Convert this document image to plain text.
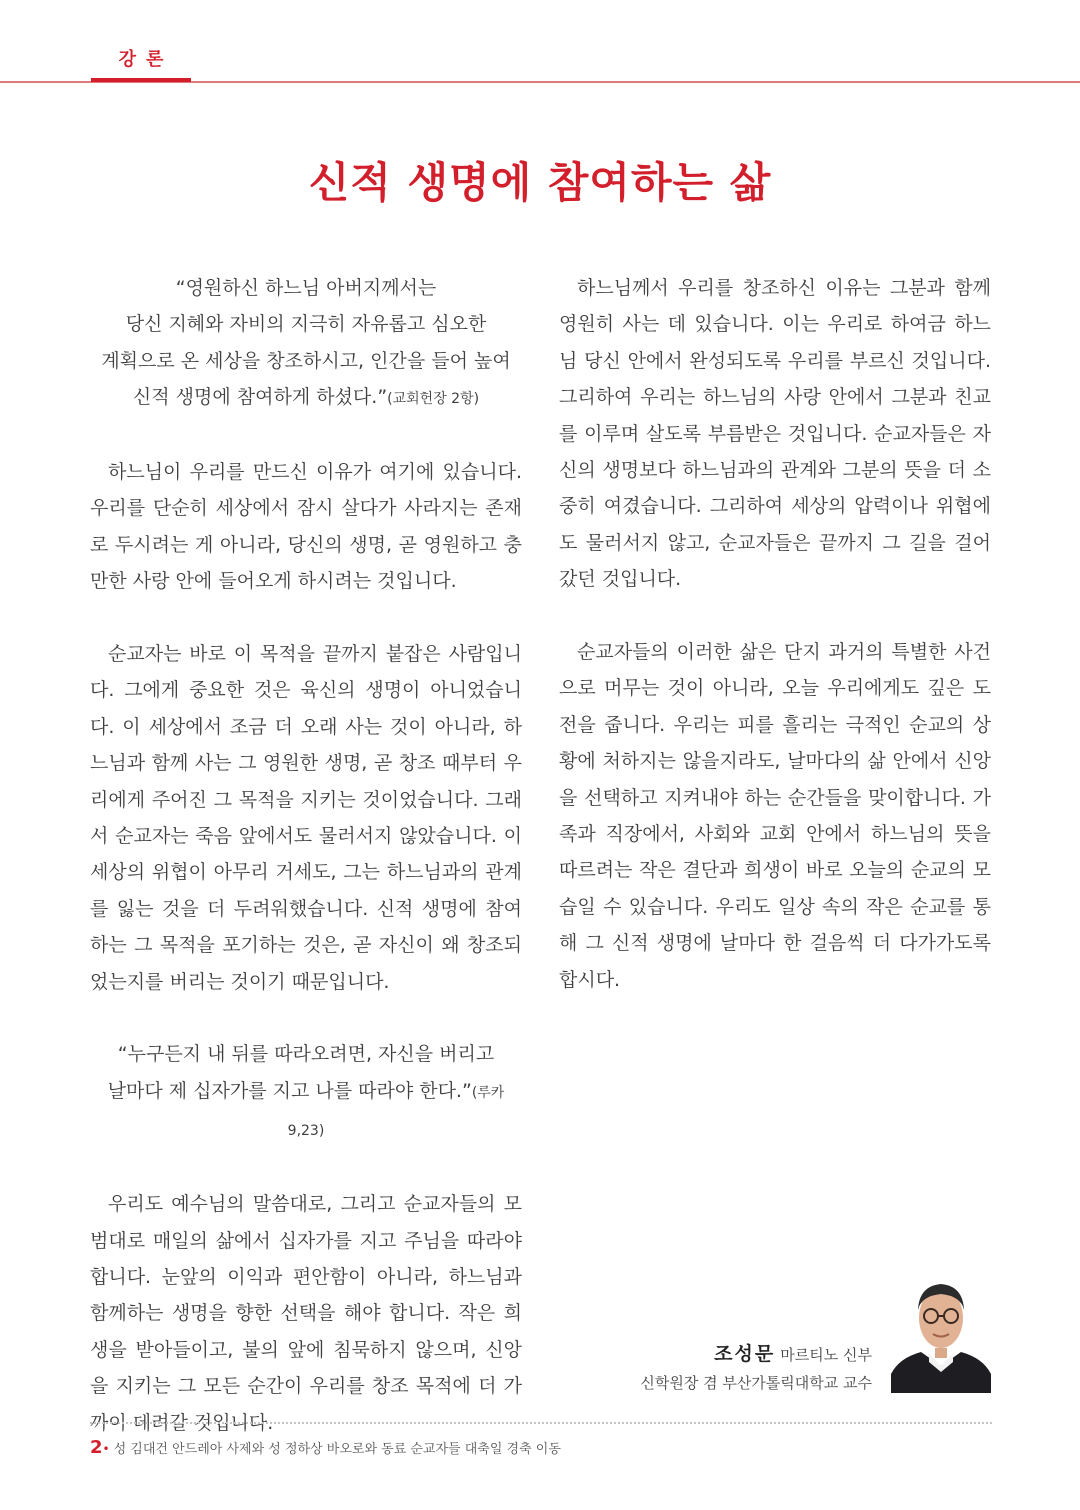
강론
신적 생명에 참여하는 삶
“영원하신 하느님 아버지께서는
당신 지혜와 자비의 지극히 자유롭고 심오한
계획으로 온 세상을 창조하시고, 인간을 들어 높여
신적 생명에 참여하게 하셨다.”(교회헌장 2항)
하느님이 우리를 만드신 이유가 여기에 있습니다. 우리를 단순히 세상에서 잠시 살다가 사라지는 존재로 두시려는 게 아니라, 당신의 생명, 곧 영원하고 충만한 사랑 안에 들어오게 하시려는 것입니다.
순교자는 바로 이 목적을 끝까지 붙잡은 사람입니다. 그에게 중요한 것은 육신의 생명이 아니었습니다. 이 세상에서 조금 더 오래 사는 것이 아니라, 하느님과 함께 사는 그 영원한 생명, 곧 창조 때부터 우리에게 주어진 그 목적을 지키는 것이었습니다. 그래서 순교자는 죽음 앞에서도 물러서지 않았습니다. 이 세상의 위협이 아무리 거세도, 그는 하느님과의 관계를 잃는 것을 더 두려워했습니다. 신적 생명에 참여하는 그 목적을 포기하는 것은, 곧 자신이 왜 창조되었는지를 버리는 것이기 때문입니다.
“누구든지 내 뒤를 따라오려면, 자신을 버리고
날마다 제 십자가를 지고 나를 따라야 한다.”(루카 9,23)
우리도 예수님의 말씀대로, 그리고 순교자들의 모범대로 매일의 삶에서 십자가를 지고 주님을 따라야 합니다. 눈앞의 이익과 편안함이 아니라, 하느님과 함께하는 생명을 향한 선택을 해야 합니다. 작은 희생을 받아들이고, 불의 앞에 침묵하지 않으며, 신앙을 지키는 그 모든 순간이 우리를 창조 목적에 더 가까이 데려갈 것입니다.
하느님께서 우리를 창조하신 이유는 그분과 함께 영원히 사는 데 있습니다. 이는 우리로 하여금 하느님 당신 안에서 완성되도록 우리를 부르신 것입니다. 그리하여 우리는 하느님의 사랑 안에서 그분과 친교를 이루며 살도록 부름받은 것입니다. 순교자들은 자신의 생명보다 하느님과의 관계와 그분의 뜻을 더 소중히 여겼습니다. 그리하여 세상의 압력이나 위협에도 물러서지 않고, 순교자들은 끝까지 그 길을 걸어갔던 것입니다.
순교자들의 이러한 삶은 단지 과거의 특별한 사건으로 머무는 것이 아니라, 오늘 우리에게도 깊은 도전을 줍니다. 우리는 피를 흘리는 극적인 순교의 상황에 처하지는 않을지라도, 날마다의 삶 안에서 신앙을 선택하고 지켜내야 하는 순간들을 맞이합니다. 가족과 직장에서, 사회와 교회 안에서 하느님의 뜻을 따르려는 작은 결단과 희생이 바로 오늘의 순교의 모습일 수 있습니다. 우리도 일상 속의 작은 순교를 통해 그 신적 생명에 날마다 한 걸음씩 더 다가가도록 합시다.
조성문 마르티노 신부
신학원장 겸 부산가톨릭대학교 교수
2• 성 김대건 안드레아 사제와 성 정하상 바오로와 동료 순교자들 대축일 경축 이동
